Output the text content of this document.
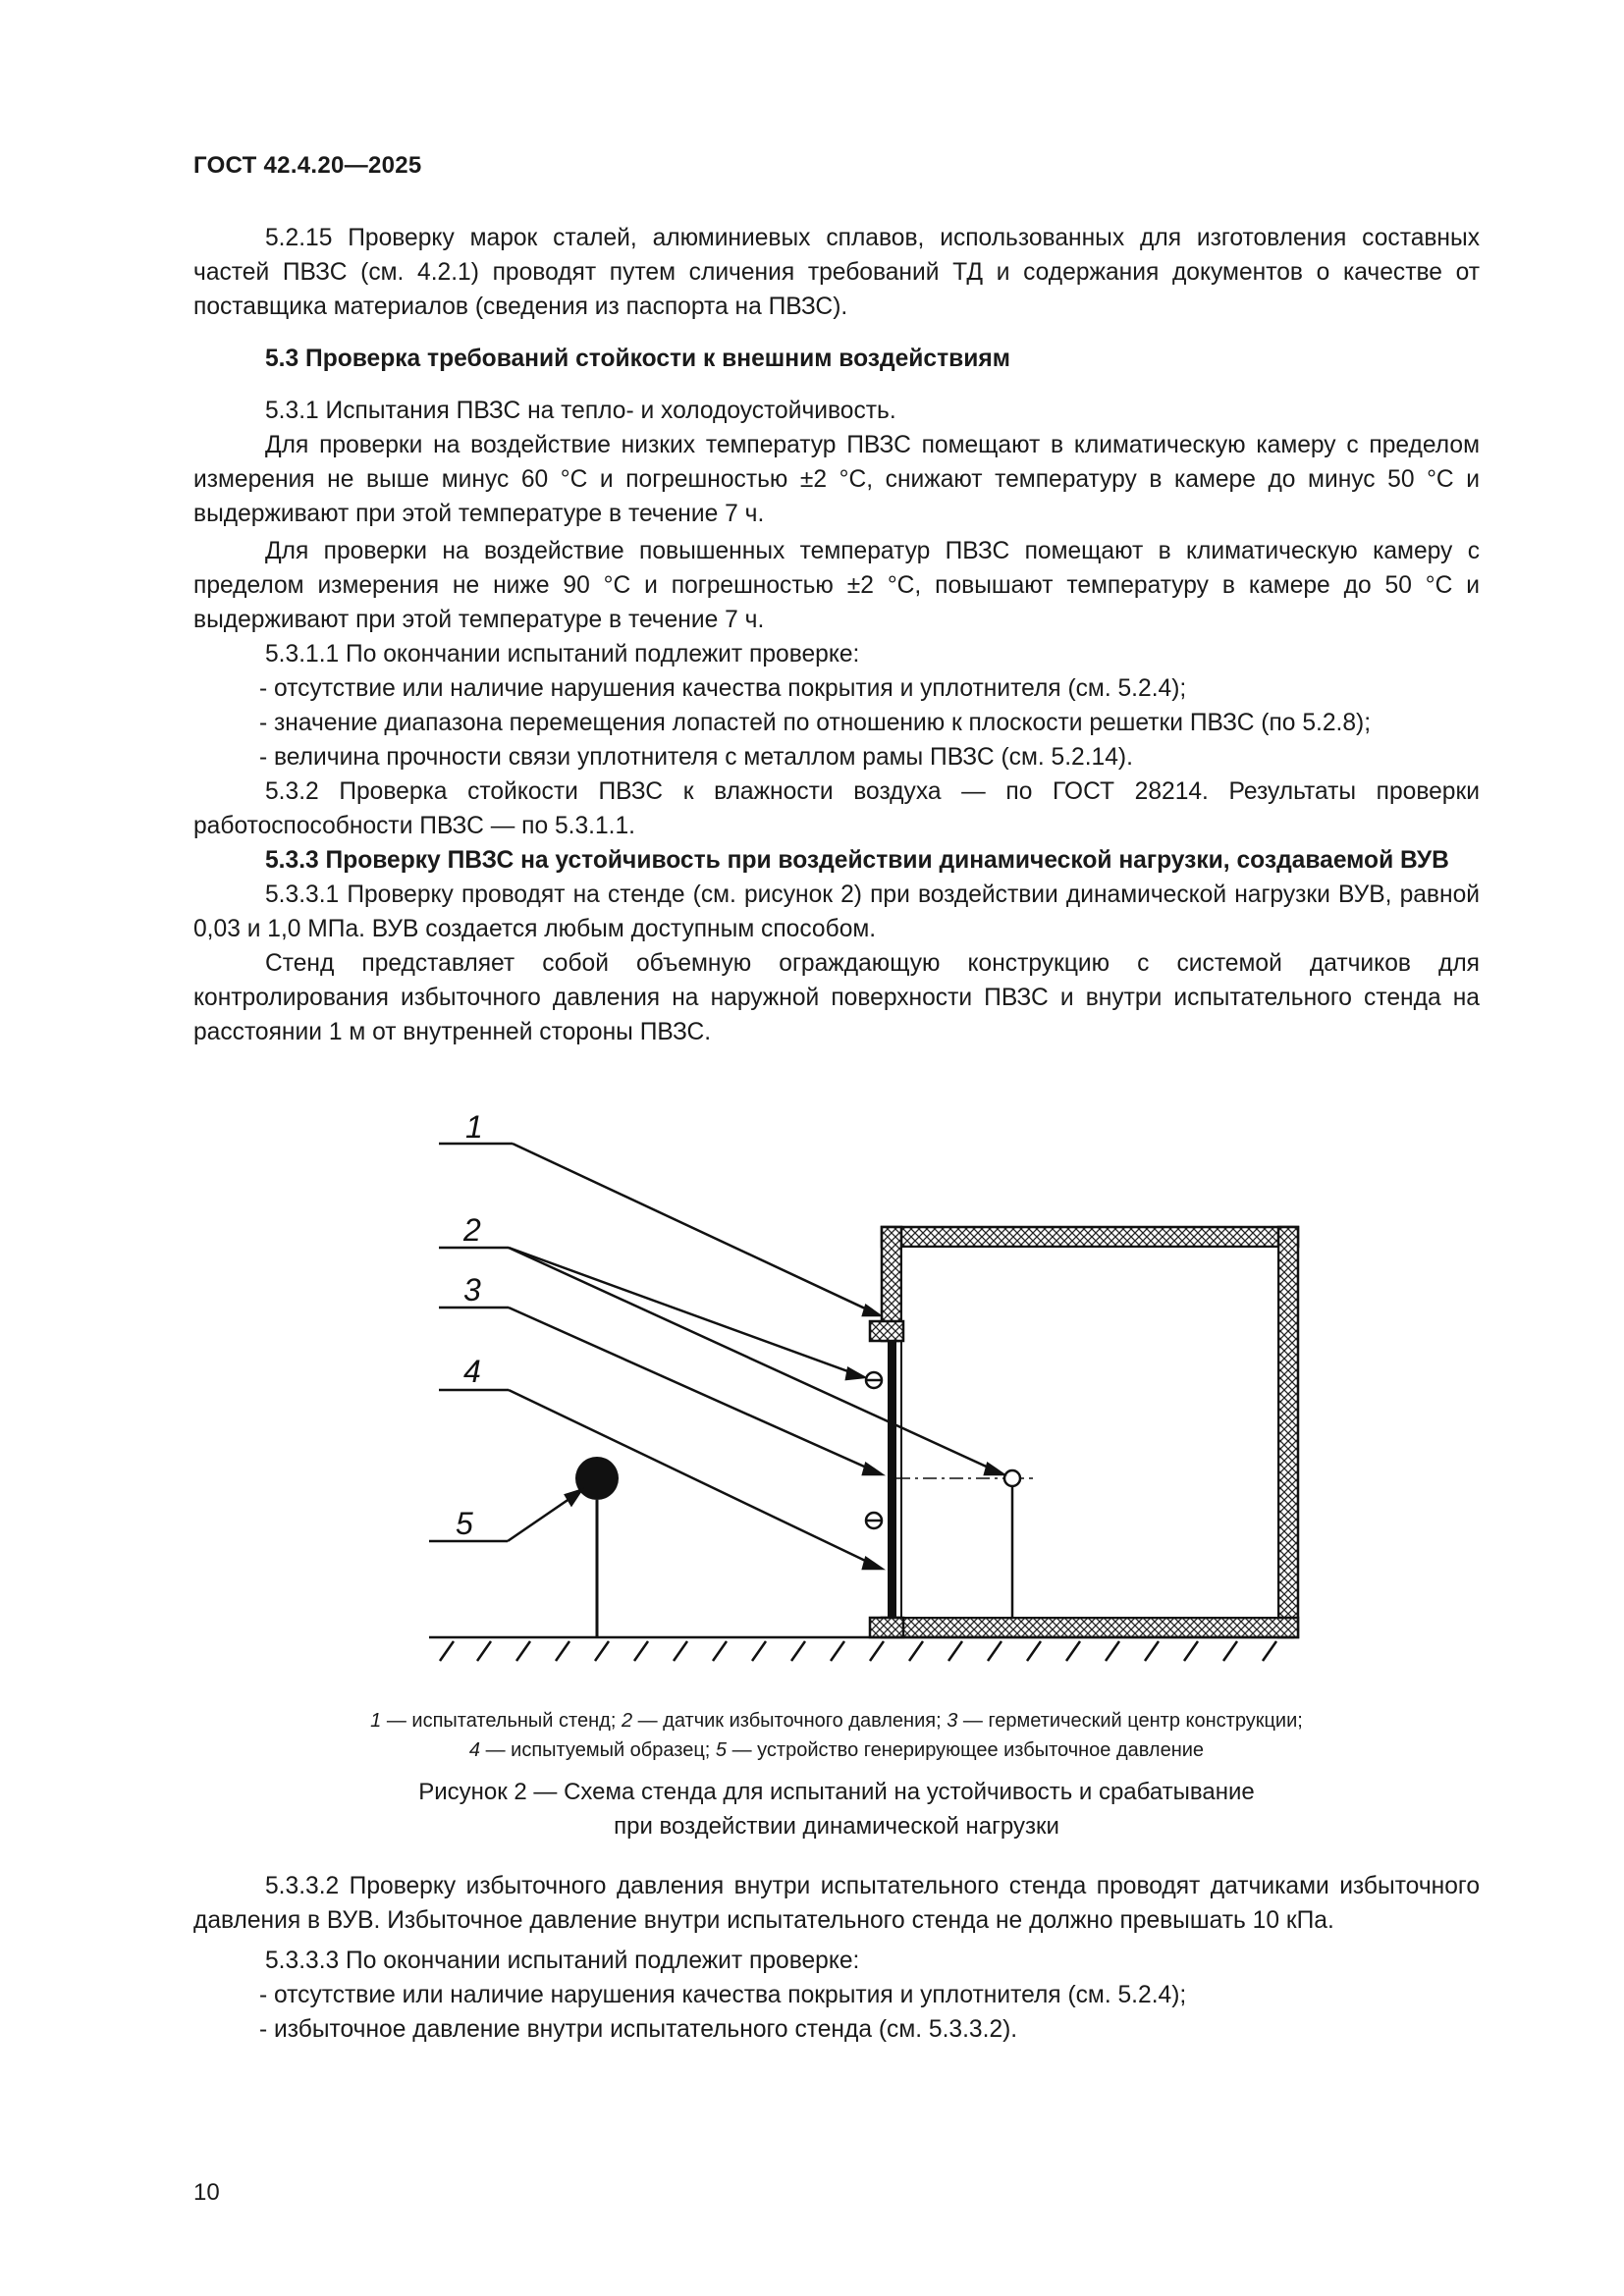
ГОСТ 42.4.20—2025

5.2.15 Проверку марок сталей, алюминиевых сплавов, использованных для изготовления составных частей ПВЗС (см. 4.2.1) проводят путем сличения требований ТД и содержания документов о качестве от поставщика материалов (сведения из паспорта на ПВЗС).

5.3 Проверка требований стойкости к внешним воздействиям

5.3.1 Испытания ПВЗС на тепло- и холодоустойчивость.

Для проверки на воздействие низких температур ПВЗС помещают в климатическую камеру с пределом измерения не выше минус 60 °С и погрешностью ±2 °С, снижают температуру в камере до минус 50 °С и выдерживают при этой температуре в течение 7 ч.

Для проверки на воздействие повышенных температур ПВЗС помещают в климатическую камеру с пределом измерения не ниже 90 °С и погрешностью ±2 °С, повышают температуру в камере до 50 °С и выдерживают при этой температуре в течение 7 ч.

5.3.1.1 По окончании испытаний подлежит проверке:

- отсутствие или наличие нарушения качества покрытия и уплотнителя (см. 5.2.4);

- значение диапазона перемещения лопастей по отношению к плоскости решетки ПВЗС (по 5.2.8);

- величина прочности связи уплотнителя с металлом рамы ПВЗС (см. 5.2.14).

5.3.2 Проверка стойкости ПВЗС к влажности воздуха — по ГОСТ 28214. Результаты проверки работоспособности ПВЗС — по 5.3.1.1.

5.3.3 Проверку ПВЗС на устойчивость при воздействии динамической нагрузки, создаваемой ВУВ

5.3.3.1 Проверку проводят на стенде (см. рисунок 2) при воздействии динамической нагрузки ВУВ, равной 0,03 и 1,0 МПа. ВУВ создается любым доступным способом.

Стенд представляет собой объемную ограждающую конструкцию с системой датчиков для контролирования избыточного давления на наружной поверхности ПВЗС и внутри испытательного стенда на расстоянии 1 м от внутренней стороны ПВЗС.

1
2
3
4
5
1 — испытательный стенд; 2 — датчик избыточного давления; 3 — герметический центр конструкции;
4 — испытуемый образец; 5 — устройство генерирующее избыточное давление
Рисунок 2 — Схема стенда для испытаний на устойчивость и срабатывание
при воздействии динамической нагрузки

5.3.3.2 Проверку избыточного давления внутри испытательного стенда проводят датчиками избыточного давления в ВУВ. Избыточное давление внутри испытательного стенда не должно превышать 10 кПа.

5.3.3.3 По окончании испытаний подлежит проверке:

- отсутствие или наличие нарушения качества покрытия и уплотнителя (см. 5.2.4);

- избыточное давление внутри испытательного стенда (см. 5.3.3.2).

10
